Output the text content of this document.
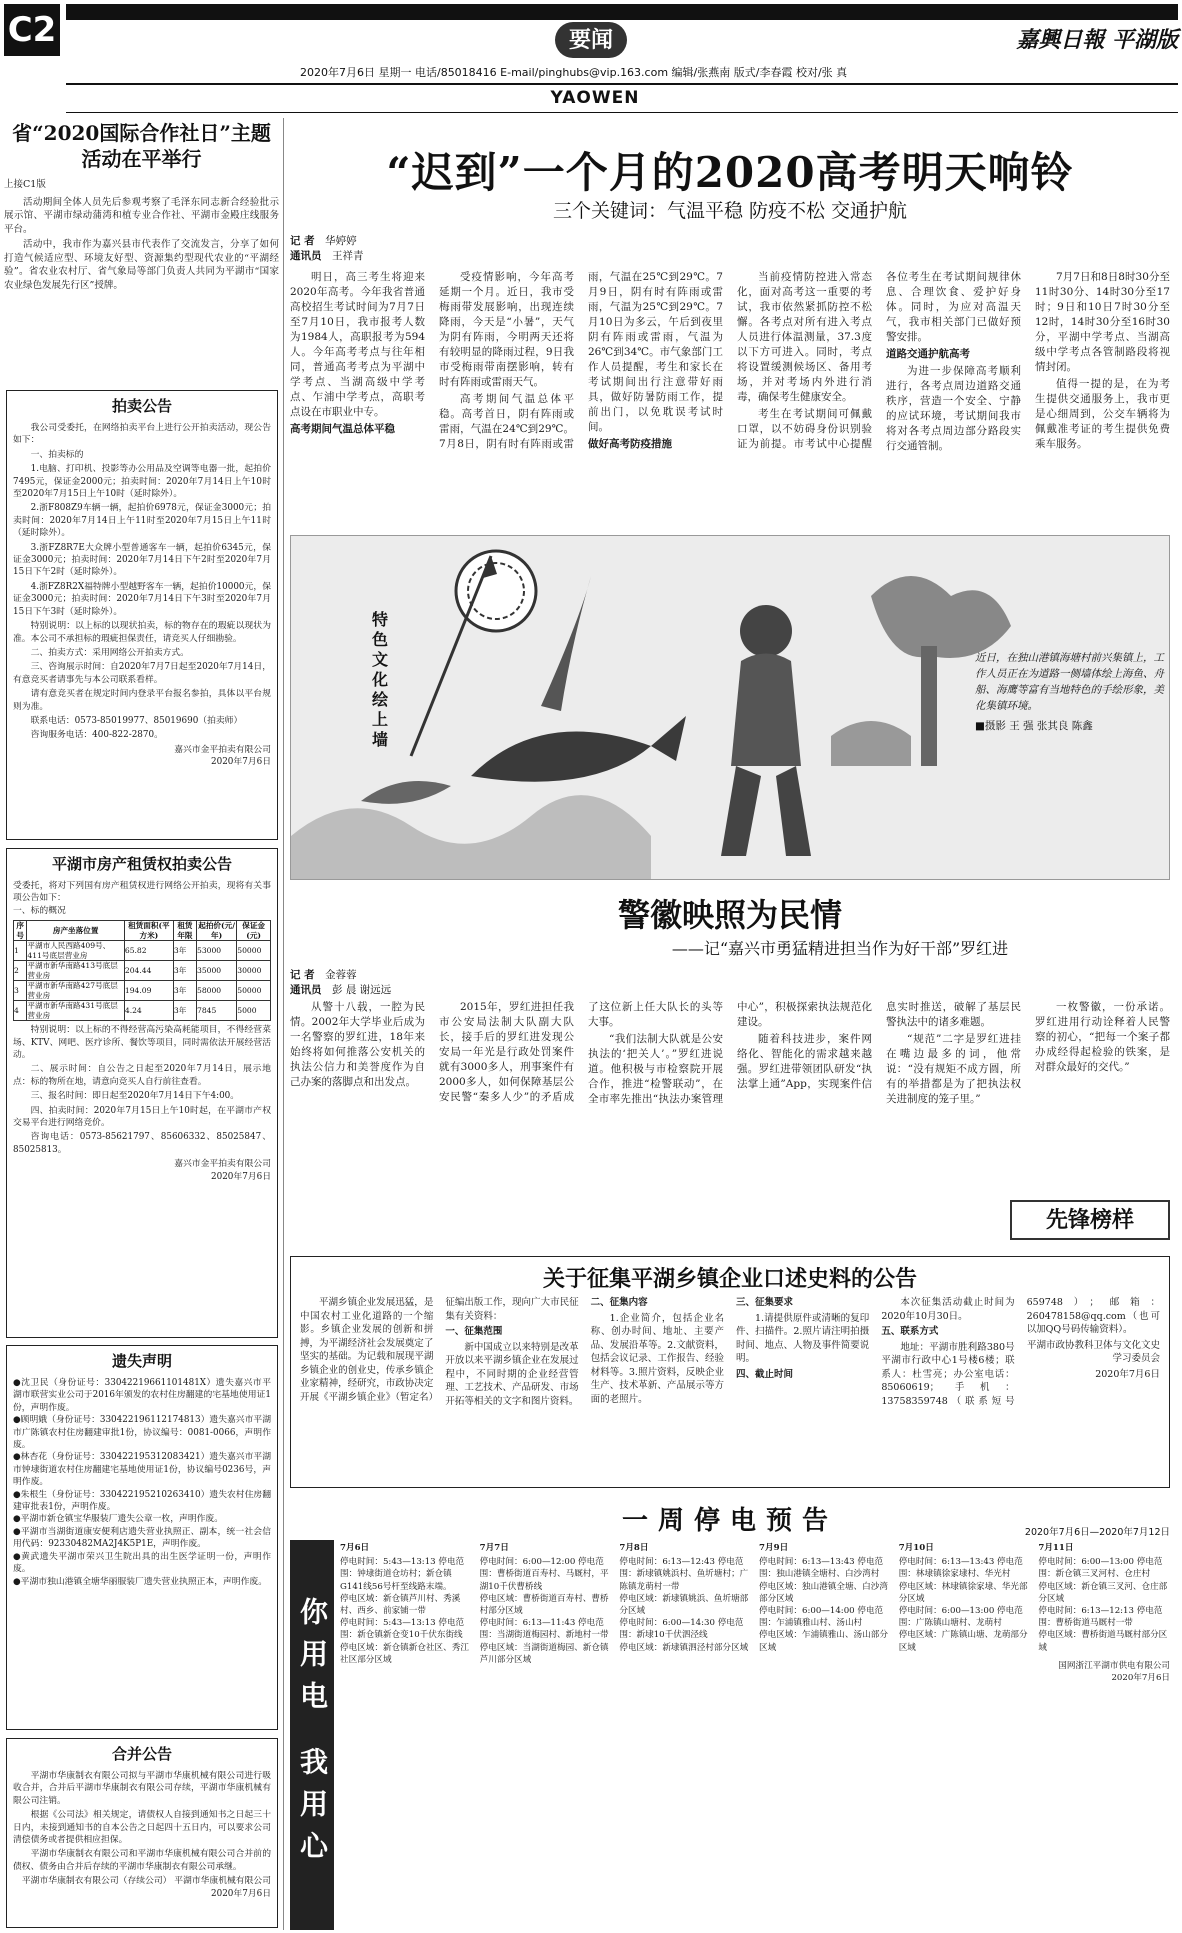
C2	要闻	嘉興日報 平湖版
2020年7月6日 星期一 电话/85018416 E-mail/pinghubs@vip.163.com 编辑/张燕南 版式/李春霞 校对/张 真
YAOWEN
省“2020国际合作社日”主题活动在平举行
上接C1版

活动期间全体人员先后参观考察了毛泽东同志新合经验批示展示馆、平湖市绿动蒲湾和植专业合作社、平湖市金殿庄线服务平台。

活动中，我市作为嘉兴县市代表作了交流发言，分享了如何打造气候适应型、环境友好型、资源集约型现代农业的“平湖经验”。省农业农村厅、省气象局等部门负责人共同为平湖市“国家农业绿色发展先行区”授牌。

拍卖公告

我公司受委托，在网络拍卖平台上进行公开拍卖活动，现公告如下：

一、拍卖标的

1.电脑、打印机、投影等办公用品及空调等电器一批，起拍价7495元，保证金2000元；拍卖时间：2020年7月14日上午10时至2020年7月15日上午10时（延时除外）。

2.浙F808Z9车辆一辆，起拍价6978元，保证金3000元；拍卖时间：2020年7月14日上午11时至2020年7月15日上午11时（延时除外）。

3.浙FZ8R7E大众牌小型普通客车一辆，起拍价6345元，保证金3000元；拍卖时间：2020年7月14日下午2时至2020年7月15日下午2时（延时除外）。

4.浙FZ8R2X福特牌小型越野客车一辆，起拍价10000元，保证金3000元；拍卖时间：2020年7月14日下午3时至2020年7月15日下午3时（延时除外）。

特别说明：以上标的以现状拍卖，标的物存在的瑕疵以现状为准。本公司不承担标的瑕疵担保责任，请竞买人仔细勘验。

二、拍卖方式：采用网络公开拍卖方式。

三、咨询展示时间：自2020年7月7日起至2020年7月14日，有意竞买者请事先与本公司联系看样。

请有意竞买者在规定时间内登录平台报名参拍，具体以平台规则为准。

联系电话：0573-85019977、85019690（拍卖师）

咨询服务电话：400-822-2870。

嘉兴市金平拍卖有限公司
2020年7月6日
平湖市房产租赁权拍卖公告
受委托，将对下列国有房产租赁权进行网络公开拍卖，现将有关事项公告如下：
一、标的概况
序号	房产坐落位置	租赁面积(平方米)	租赁年限	起拍价(元/年)	保证金(元)
1	平湖市人民西路409号、411号底层营业房	65.82	3年	53000	50000
2	平湖市新华南路413号底层营业房	204.44	3年	35000	30000
3	平湖市新华南路427号底层营业房	194.09	3年	58000	50000
4	平湖市新华南路431号底层营业房	4.24	3年	7845	5000

特别说明：以上标的不得经营高污染高耗能项目，不得经营菜场、KTV、网吧、医疗诊所、餐饮等项目，同时需依法开展经营活动。

二、展示时间：自公告之日起至2020年7月14日，展示地点：标的物所在地，请意向竞买人自行前往查看。

三、报名时间：即日起至2020年7月14日下午4:00。

四、拍卖时间：2020年7月15日上午10时起，在平湖市产权交易平台进行网络竞价。

咨询电话：0573-85621797、85606332、85025847、85025813。

嘉兴市金平拍卖有限公司
2020年7月6日
遗失声明
●沈卫民（身份证号：33042219661101481X）遗失嘉兴市平湖市联营实业公司于2016年颁发的农村住房翻建的宅基地使用证1份，声明作废。
●顾明娥（身份证号：330422196112174813）遗失嘉兴市平湖市广陈镇农村住房翻建审批1份，协议编号：0081-0066，声明作废。
●林杏花（身份证号：330422195312083421）遗失嘉兴市平湖市钟埭街道农村住房翻建宅基地使用证1份，协议编号0236号，声明作废。
●朱根生（身份证号：330422195210263410）遗失农村住房翻建审批表1份，声明作废。
●平湖市新仓镇宝华服装厂遗失公章一枚，声明作废。
●平湖市当湖街道康安便利店遗失营业执照正、副本，统一社会信用代码：92330482MA2J4K5P1E，声明作废。
●黄武遗失平湖市荣兴卫生院出具的出生医学证明一份，声明作废。
●平湖市独山港镇全塘华丽服装厂遗失营业执照正本，声明作废。
合并公告

平湖市华康制衣有限公司拟与平湖市华康机械有限公司进行吸收合并，合并后平湖市华康制衣有限公司存续，平湖市华康机械有限公司注销。

根据《公司法》相关规定，请债权人自接到通知书之日起三十日内，未接到通知书的自本公告之日起四十五日内，可以要求公司清偿债务或者提供相应担保。

平湖市华康制衣有限公司和平湖市华康机械有限公司合并前的债权、债务由合并后存续的平湖市华康制衣有限公司承继。

平湖市华康制衣有限公司（存续公司） 平湖市华康机械有限公司
2020年7月6日
“迟到”一个月的2020高考明天响铃
三个关键词：气温平稳 防疫不松 交通护航
记 者　 华婷婷
通讯员　 王祥青

明日，高三考生将迎来2020年高考。今年我省普通高校招生考试时间为7月7日至7月10日，我市报考人数为1984人，高职报考为594人。今年高考考点与往年相同，普通高考考点为平湖中学考点、当湖高级中学考点、乍浦中学考点，高职考点设在市职业中专。

高考期间气温总体平稳

受疫情影响，今年高考延期一个月。近日，我市受梅雨带发展影响，出现连续降雨，今天是“小暑”，天气为阴有阵雨，今明两天还将有较明显的降雨过程，9日我市受梅雨带南摆影响，转有时有阵雨或雷雨天气。

高考期间气温总体平稳。高考首日，阴有阵雨或雷雨，气温在24℃到29℃。7月8日，阴有时有阵雨或雷雨，气温在25℃到29℃。7月9日，阴有时有阵雨或雷雨，气温为25℃到29℃。7月10日为多云，午后到夜里阴有阵雨或雷雨，气温为26℃到34℃。市气象部门工作人员提醒，考生和家长在考试期间出行注意带好雨具，做好防暑防雨工作，提前出门，以免耽误考试时间。

做好高考防疫措施

当前疫情防控进入常态化，面对高考这一重要的考试，我市依然紧抓防控不松懈。各考点对所有进入考点人员进行体温测量，37.3度以下方可进入。同时，考点将设置缓测候场区、备用考场，并对考场内外进行消毒，确保考生健康安全。

考生在考试期间可佩戴口罩，以不妨碍身份识别验证为前提。市考试中心提醒各位考生在考试期间规律休息、合理饮食、爱护好身体。同时，为应对高温天气，我市相关部门已做好预警安排。

道路交通护航高考

为进一步保障高考顺利进行，各考点周边道路交通秩序，营造一个安全、宁静的应试环境，考试期间我市将对各考点周边部分路段实行交通管制。

7月7日和8日8时30分至11时30分、14时30分至17时；9日和10日7时30分至12时，14时30分至16时30分，平湖中学考点、当湖高级中学考点各管制路段将视情封闭。

值得一提的是，在为考生提供交通服务上，我市更是心细周到，公交车辆将为佩戴准考证的考生提供免费乘车服务。

特色文化绘上墙
近日，在独山港镇海塘村前兴集镇上，工作人员正在为道路一侧墙体绘上海鱼、舟船、海鹰等富有当地特色的手绘形象，美化集镇环境。
■摄影 王 强 张其良 陈鑫
警徽映照为民情
——记“嘉兴市勇猛精进担当作为好干部”罗红进
记 者　 金蓉蓉
通讯员　 彭 晨 谢远远

从警十八载，一腔为民情。2002年大学毕业后成为一名警察的罗红进，18年来始终将如何推落公安机关的执法公信力和美誉度作为自己办案的落脚点和出发点。

2015年，罗红进担任我市公安局法制大队副大队长，接手后的罗红进发现公安局一年光是行政处罚案件就有3000多人，刑事案件有2000多人，如何保障基层公安民警“秦多人少”的矛盾成了这位新上任大队长的头等大事。

“我们法制大队就是公安执法的‘把关人’。”罗红进说道。他积极与市检察院开展合作，推进“检警联动”，在全市率先推出“执法办案管理中心”，积极探索执法规范化建设。

随着科技进步，案件网络化、智能化的需求越来越强。罗红进带领团队研发“执法掌上通”App，实现案件信息实时推送，破解了基层民警执法中的诸多难题。

“规范”二字是罗红进挂在嘴边最多的词，他常说：“没有规矩不成方圆，所有的举措都是为了把执法权关进制度的笼子里。”

一枚警徽，一份承诺。罗红进用行动诠释着人民警察的初心，“把每一个案子都办成经得起检验的铁案，是对群众最好的交代。”

先锋榜样
关于征集平湖乡镇企业口述史料的公告

平湖乡镇企业发展迅猛，是中国农村工业化道路的一个缩影。乡镇企业发展的创新和拼搏，为平湖经济社会发展奠定了坚实的基础。为记载和展现平湖乡镇企业的创业史，传承乡镇企业家精神，经研究，市政协决定开展《平湖乡镇企业》（暂定名）征编出版工作，现向广大市民征集有关资料：

一、征集范围

新中国成立以来特别是改革开放以来平湖乡镇企业在发展过程中，不同时期的企业经营管理、工艺技术、产品研发、市场开拓等相关的文字和图片资料。

二、征集内容

1.企业简介，包括企业名称、创办时间、地址、主要产品、发展沿革等。2.文献资料，包括会议记录、工作报告、经验材料等。3.照片资料，反映企业生产、技术革新、产品展示等方面的老照片。

三、征集要求

1.请提供原件或清晰的复印件、扫描件。2.照片请注明拍摄时间、地点、人物及事件简要说明。

四、截止时间

本次征集活动截止时间为2020年10月30日。

五、联系方式

地址：平湖市胜利路380号平湖市行政中心1号楼6楼；联系人：杜雪亮；办公室电话：85060619；手机：13758359748（联系短号659748）；邮箱：260478158@qq.com（也可以加QQ号码传输资料）。

平湖市政协教科卫体与文化文史学习委员会

2020年7月6日

一周停电预告	2020年7月6日—2020年7月12日
你用电 我用心
7月6日
停电时间：5:43—13:13 停电范围：钟埭街道仓坊村；新仓镇G141线56号杆至线路末端。
停电区域：新仓镇芦川村、秀溪村、西乡、前家铺一带
停电时间：5:43—13:13 停电范围：新仓镇新仓变10千伏东街线
停电区域：新仓镇新仓社区、秀江社区部分区域
7月7日
停电时间：6:00—12:00 停电范围：曹桥街道百寿村、马厩村，平湖10千伏曹桥线
停电区域：曹桥街道百寿村、曹桥村部分区域
停电时间：6:13—11:43 停电范围：当湖街道梅园村、新地村一带
停电区域：当湖街道梅园、新仓镇芦川部分区域
7月8日
停电时间：6:13—12:43 停电范围：新埭镇姚浜村、鱼圻塘村；广陈镇龙萌村一带
停电区域：新埭镇姚浜、鱼圻塘部分区域
停电时间：6:00—14:30 停电范围：新埭10千伏泗泾线
停电区域：新埭镇泗泾村部分区域
7月9日
停电时间：6:13—13:43 停电范围：独山港镇全塘村、白沙湾村
停电区域：独山港镇全塘、白沙湾部分区域
停电时间：6:00—14:00 停电范围：乍浦镇雅山村、汤山村
停电区域：乍浦镇雅山、汤山部分区域
7月10日
停电时间：6:13—13:43 停电范围：林埭镇徐家埭村、华光村
停电区域：林埭镇徐家埭、华光部分区域
停电时间：6:00—13:00 停电范围：广陈镇山塘村、龙萌村
停电区域：广陈镇山塘、龙萌部分区域
7月11日
停电时间：6:00—13:00 停电范围：新仓镇三叉河村、仓庄村
停电区域：新仓镇三叉河、仓庄部分区域
停电时间：6:13—12:13 停电范围：曹桥街道马厩村一带
停电区域：曹桥街道马厩村部分区域
国网浙江平湖市供电有限公司
2020年7月6日
